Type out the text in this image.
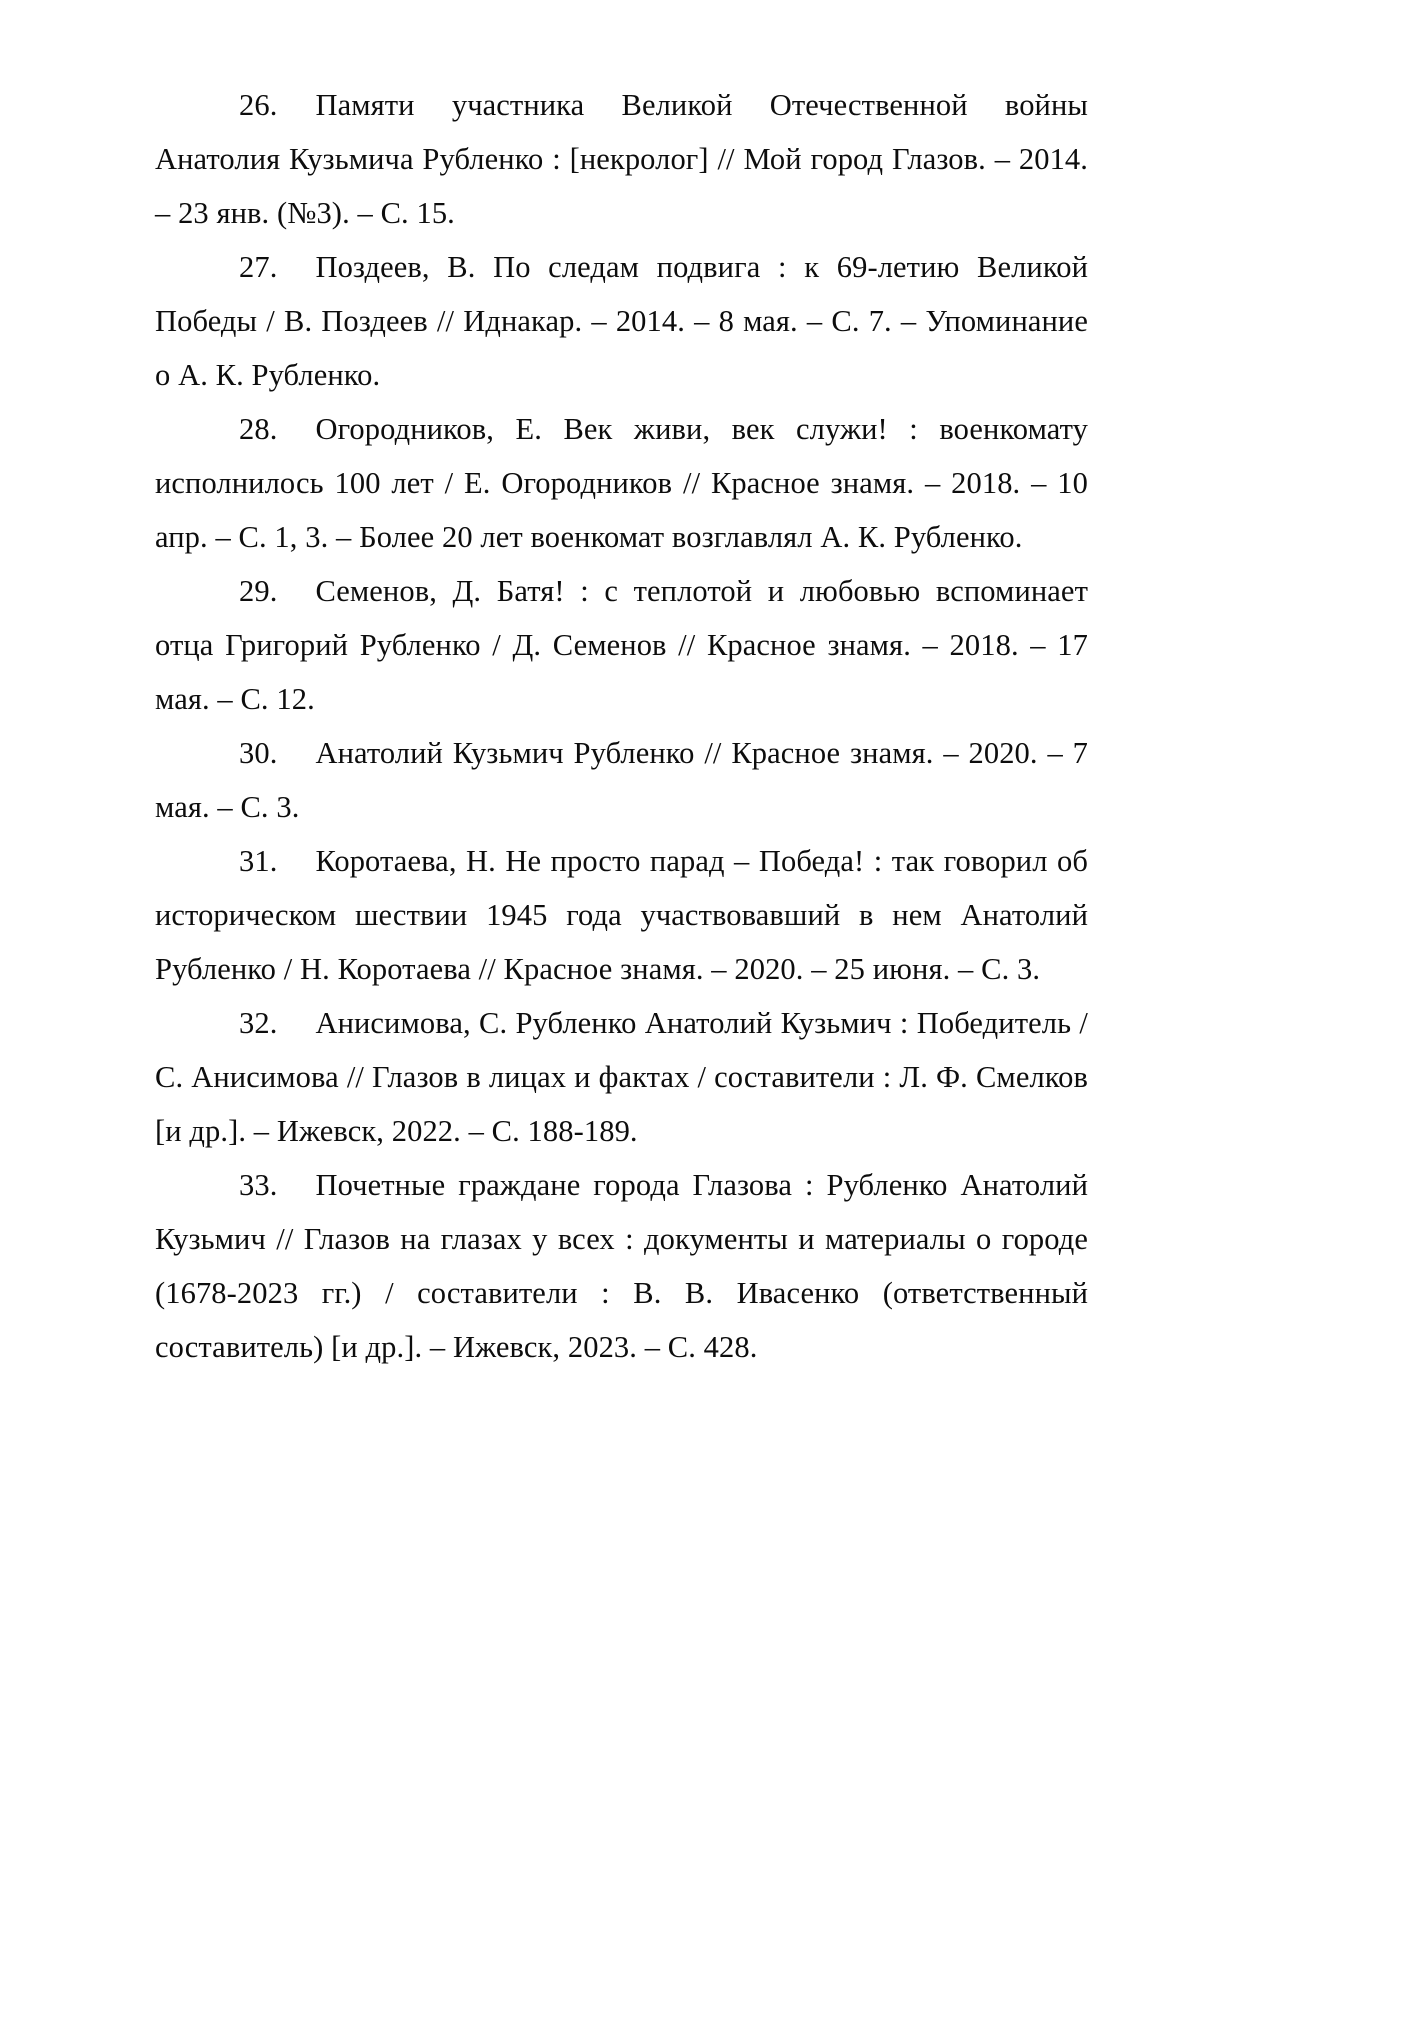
26. Памяти участника Великой Отечественной войны Анатолия Кузьмича Рубленко : [некролог] // Мой город Глазов. – 2014. – 23 янв. (№3). – С. 15.

27. Поздеев, В. По следам подвига : к 69-летию Великой Победы / В. Поздеев // Иднакар. – 2014. – 8 мая. – С. 7. – Упоминание о А. К. Рубленко.

28. Огородников, Е. Век живи, век служи! : военкомату исполнилось 100 лет / Е. Огородников // Красное знамя. – 2018. – 10 апр. – С. 1, 3. – Более 20 лет военкомат возглавлял А. К. Рубленко.

29. Семенов, Д. Батя! : с теплотой и любовью вспоминает отца Григорий Рубленко / Д. Семенов // Красное знамя. – 2018. – 17 мая. – С. 12.

30. Анатолий Кузьмич Рубленко // Красное знамя. – 2020. – 7 мая. – С. 3.

31. Коротаева, Н. Не просто парад – Победа! : так говорил об историческом шествии 1945 года участвовавший в нем Анатолий Рубленко / Н. Коротаева // Красное знамя. – 2020. – 25 июня. – С. 3.

32. Анисимова, С. Рубленко Анатолий Кузьмич : Победитель / С. Анисимова // Глазов в лицах и фактах / составители : Л. Ф. Смелков [и др.]. – Ижевск, 2022. – С. 188-189.

33. Почетные граждане города Глазова : Рубленко Анатолий Кузьмич // Глазов на глазах у всех : документы и материалы о городе (1678-2023 гг.) / составители : В. В. Ивасенко (ответственный составитель) [и др.]. – Ижевск, 2023. – С. 428.
